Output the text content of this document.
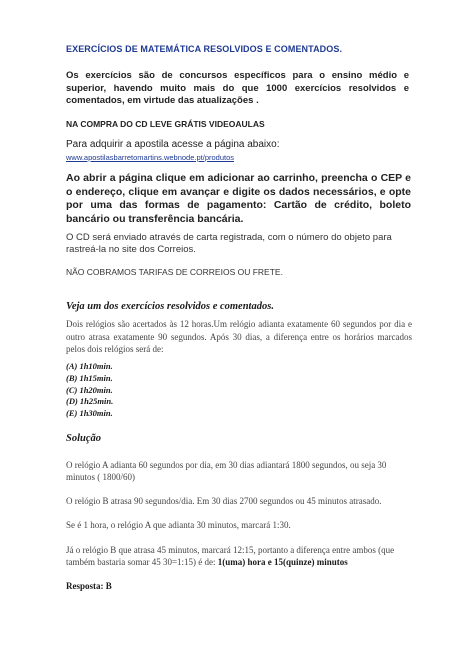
EXERCÍCIOS DE MATEMÁTICA RESOLVIDOS E COMENTADOS.

Os exercícios são de concursos específicos para o ensino médio e superior, havendo muito mais do que 1000 exercícios resolvidos e comentados, em virtude das atualizações .

NA COMPRA DO CD LEVE GRÁTIS VIDEOAULAS
Para adquirir a apostila acesse a página abaixo:
www.apostilasbarretomartins.webnode.pt/produtos

Ao abrir a página clique em adicionar ao carrinho, preencha o CEP e o endereço, clique em avançar e digite os dados necessários, e opte por uma das formas de pagamento: Cartão de crédito, boleto bancário ou transferência bancária.

O CD será enviado através de carta registrada, com o número do objeto para rastreá-la no site dos Correios.

NÃO COBRAMOS TARIFAS DE CORREIOS OU FRETE.
Veja um dos exercícios resolvidos e comentados.

Dois relógios são acertados às 12 horas.Um relógio adianta exatamente 60 segundos por dia e outro atrasa exatamente 90 segundos. Após 30 dias, a diferença entre os horários marcados pelos dois relógios será de:

(A) 1h10min.
(B) 1h15min.
(C) 1h20min.
(D) 1h25min.
(E) 1h30min.
Solução

O relógio A adianta 60 segundos por dia, em 30 dias adiantará 1800 segundos, ou seja 30 minutos ( 1800/60)

O relógio B atrasa 90 segundos/dia. Em 30 dias 2700 segundos ou 45 minutos atrasado.

Se é 1 hora, o relógio A que adianta 30 minutos, marcará 1:30.

Já o relógio B que atrasa 45 minutos, marcará 12:15, portanto a diferença entre ambos (que também bastaria somar 45 30=1:15) é de: 1(uma) hora e 15(quinze) minutos

Resposta: B
